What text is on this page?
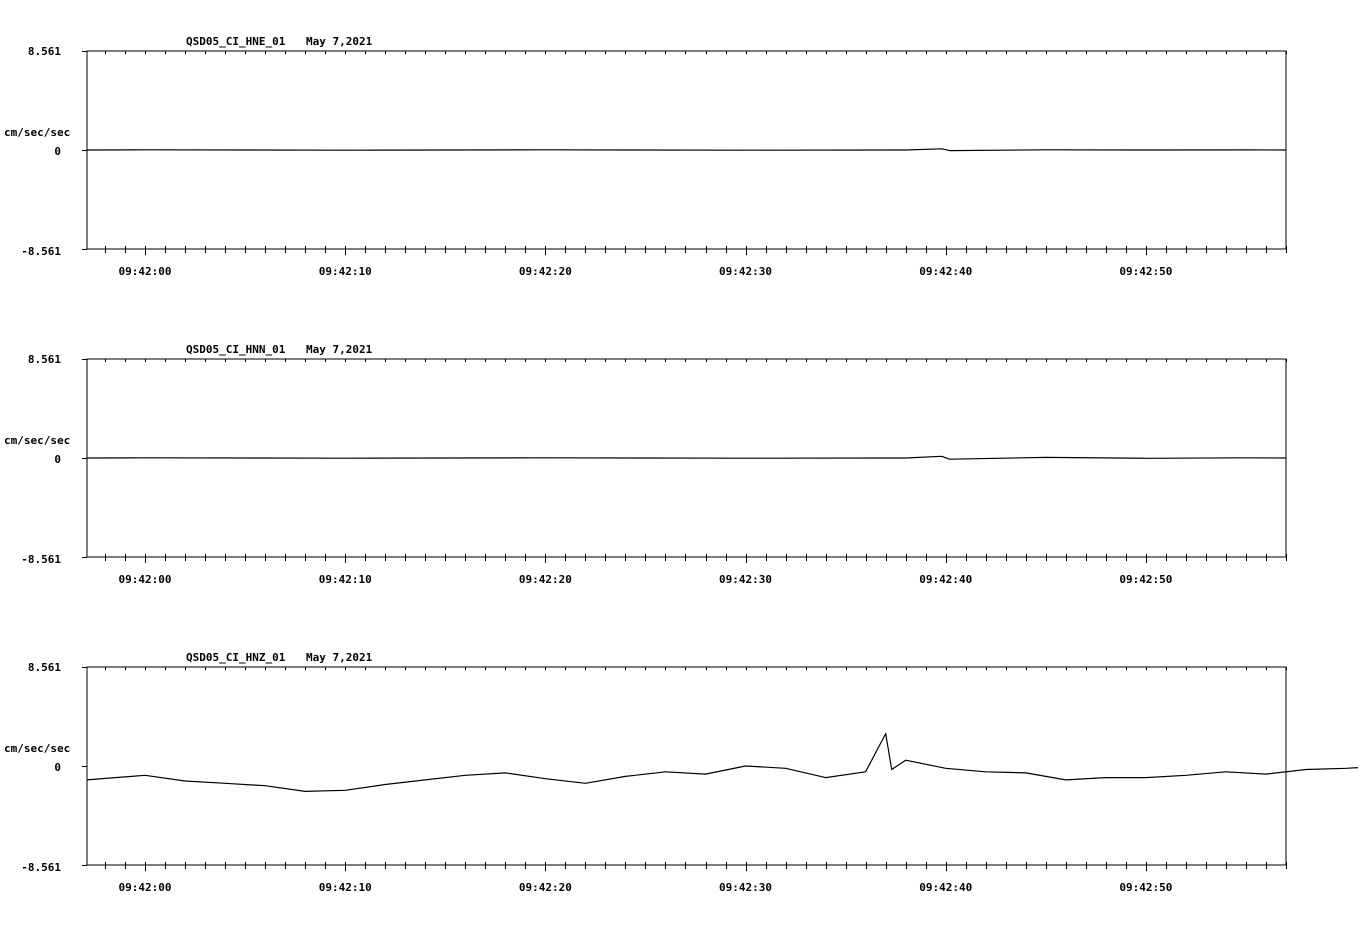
QSD05_CI_HNE_01 May 7,2021
cm/sec/sec
8.561
0
-8.561
09:42:00	09:42:10	09:42:20	09:42:30	09:42:40	09:42:50
QSD05_CI_HNN_01 May 7,2021
cm/sec/sec
8.561
0
-8.561
09:42:00	09:42:10	09:42:20	09:42:30	09:42:40	09:42:50
QSD05_CI_HNZ_01 May 7,2021
cm/sec/sec
8.561
0
-8.561
09:42:00	09:42:10	09:42:20	09:42:30	09:42:40	09:42:50
